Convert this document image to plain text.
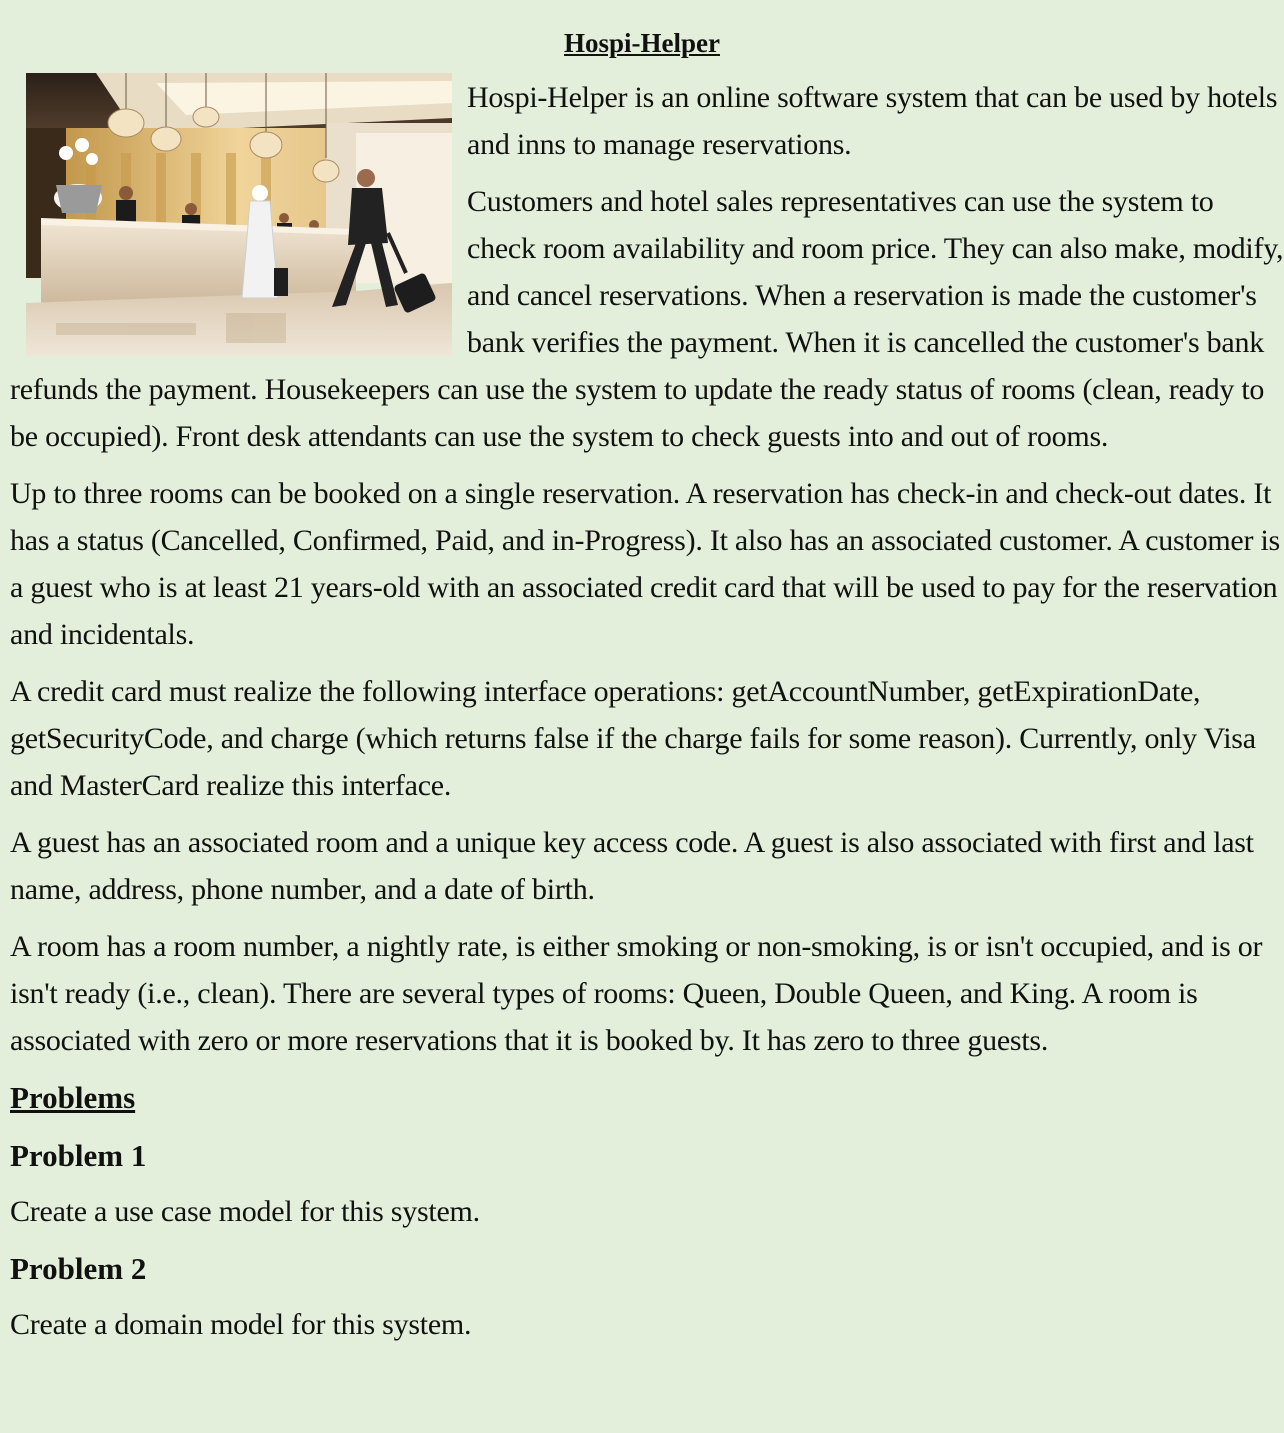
Hospi-Helper

Hospi-Helper is an online software system that can be used by hotels and inns to manage reservations.

Customers and hotel sales representatives can use the system to check room availability and room price. They can also make, modify, and cancel reservations. When a reservation is made the customer's bank verifies the payment. When it is cancelled the customer's bank refunds the payment. Housekeepers can use the system to update the ready status of rooms (clean, ready to be occupied). Front desk attendants can use the system to check guests into and out of rooms.

Up to three rooms can be booked on a single reservation. A reservation has check-in and check-out dates. It has a status (Cancelled, Confirmed, Paid, and in-Progress). It also has an associated customer. A customer is a guest who is at least 21 years-old with an associated credit card that will be used to pay for the reservation and incidentals.

A credit card must realize the following interface operations: getAccountNumber, getExpirationDate, getSecurityCode, and charge (which returns false if the charge fails for some reason). Currently, only Visa and MasterCard realize this interface.

A guest has an associated room and a unique key access code. A guest is also associated with first and last name, address, phone number, and a date of birth.

A room has a room number, a nightly rate, is either smoking or non-smoking, is or isn't occupied, and is or isn't ready (i.e., clean). There are several types of rooms: Queen, Double Queen, and King. A room is associated with zero or more reservations that it is booked by. It has zero to three guests.

Problems
Problem 1

Create a use case model for this system.

Problem 2

Create a domain model for this system.
